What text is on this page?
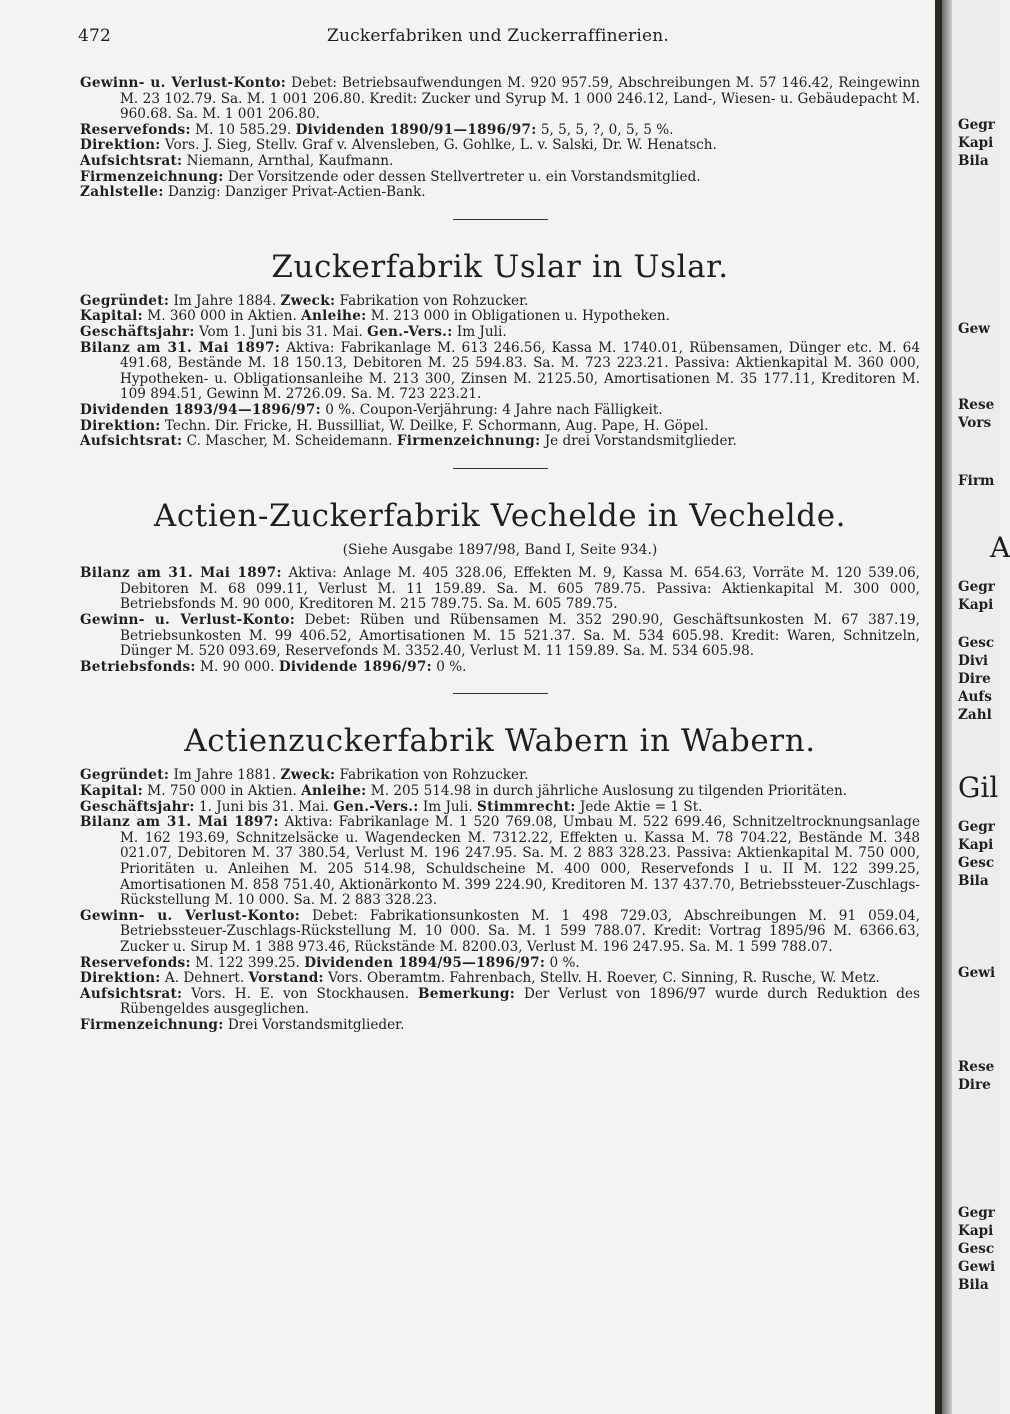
472	Zuckerfabriken und Zuckerraffinerien.

Gewinn- u. Verlust-Konto: Debet: Betriebsaufwendungen M. 920 957.59, Abschreibungen M. 57 146.42, Reingewinn M. 23 102.79. Sa. M. 1 001 206.80. Kredit: Zucker und Syrup M. 1 000 246.12, Land-, Wiesen- u. Gebäudepacht M. 960.68. Sa. M. 1 001 206.80.

Reservefonds: M. 10 585.29. Dividenden 1890/91—1896/97: 5, 5, 5, ?, 0, 5, 5 %.

Direktion: Vors. J. Sieg, Stellv. Graf v. Alvensleben, G. Gohlke, L. v. Salski, Dr. W. Henatsch.

Aufsichtsrat: Niemann, Arnthal, Kaufmann.

Firmenzeichnung: Der Vorsitzende oder dessen Stellvertreter u. ein Vorstandsmitglied.

Zahlstelle: Danzig: Danziger Privat-Actien-Bank.

Zuckerfabrik Uslar in Uslar.

Gegründet: Im Jahre 1884. Zweck: Fabrikation von Rohzucker.

Kapital: M. 360 000 in Aktien. Anleihe: M. 213 000 in Obligationen u. Hypotheken.

Geschäftsjahr: Vom 1. Juni bis 31. Mai. Gen.-Vers.: Im Juli.

Bilanz am 31. Mai 1897: Aktiva: Fabrikanlage M. 613 246.56, Kassa M. 1740.01, Rübensamen, Dünger etc. M. 64 491.68, Bestände M. 18 150.13, Debitoren M. 25 594.83. Sa. M. 723 223.21. Passiva: Aktienkapital M. 360 000, Hypotheken- u. Obligationsanleihe M. 213 300, Zinsen M. 2125.50, Amortisationen M. 35 177.11, Kreditoren M. 109 894.51, Gewinn M. 2726.09. Sa. M. 723 223.21.

Dividenden 1893/94—1896/97: 0 %. Coupon-Verjährung: 4 Jahre nach Fälligkeit.

Direktion: Techn. Dir. Fricke, H. Bussilliat, W. Deilke, F. Schormann, Aug. Pape, H. Göpel.

Aufsichtsrat: C. Mascher, M. Scheidemann. Firmenzeichnung: Je drei Vorstandsmitglieder.

Actien-Zuckerfabrik Vechelde in Vechelde.
(Siehe Ausgabe 1897/98, Band I, Seite 934.)

Bilanz am 31. Mai 1897: Aktiva: Anlage M. 405 328.06, Effekten M. 9, Kassa M. 654.63, Vorräte M. 120 539.06, Debitoren M. 68 099.11, Verlust M. 11 159.89. Sa. M. 605 789.75. Passiva: Aktienkapital M. 300 000, Betriebsfonds M. 90 000, Kreditoren M. 215 789.75. Sa. M. 605 789.75.

Gewinn- u. Verlust-Konto: Debet: Rüben und Rübensamen M. 352 290.90, Geschäftsunkosten M. 67 387.19, Betriebsunkosten M. 99 406.52, Amortisationen M. 15 521.37. Sa. M. 534 605.98. Kredit: Waren, Schnitzeln, Dünger M. 520 093.69, Reservefonds M. 3352.40, Verlust M. 11 159.89. Sa. M. 534 605.98.

Betriebsfonds: M. 90 000. Dividende 1896/97: 0 %.

Actienzuckerfabrik Wabern in Wabern.

Gegründet: Im Jahre 1881. Zweck: Fabrikation von Rohzucker.

Kapital: M. 750 000 in Aktien. Anleihe: M. 205 514.98 in durch jährliche Auslosung zu tilgenden Prioritäten.

Geschäftsjahr: 1. Juni bis 31. Mai. Gen.-Vers.: Im Juli. Stimmrecht: Jede Aktie = 1 St.

Bilanz am 31. Mai 1897: Aktiva: Fabrikanlage M. 1 520 769.08, Umbau M. 522 699.46, Schnitzeltrocknungsanlage M. 162 193.69, Schnitzelsäcke u. Wagendecken M. 7312.22, Effekten u. Kassa M. 78 704.22, Bestände M. 348 021.07, Debitoren M. 37 380.54, Verlust M. 196 247.95. Sa. M. 2 883 328.23. Passiva: Aktienkapital M. 750 000, Prioritäten u. Anleihen M. 205 514.98, Schuldscheine M. 400 000, Reservefonds I u. II M. 122 399.25, Amortisationen M. 858 751.40, Aktionärkonto M. 399 224.90, Kreditoren M. 137 437.70, Betriebssteuer-Zuschlags-Rückstellung M. 10 000. Sa. M. 2 883 328.23.

Gewinn- u. Verlust-Konto: Debet: Fabrikationsunkosten M. 1 498 729.03, Abschreibungen M. 91 059.04, Betriebssteuer-Zuschlags-Rückstellung M. 10 000. Sa. M. 1 599 788.07. Kredit: Vortrag 1895/96 M. 6366.63, Zucker u. Sirup M. 1 388 973.46, Rückstände M. 8200.03, Verlust M. 196 247.95. Sa. M. 1 599 788.07.

Reservefonds: M. 122 399.25. Dividenden 1894/95—1896/97: 0 %.

Direktion: A. Dehnert. Vorstand: Vors. Oberamtm. Fahrenbach, Stellv. H. Roever, C. Sinning, R. Rusche, W. Metz.

Aufsichtsrat: Vors. H. E. von Stockhausen. Bemerkung: Der Verlust von 1896/97 wurde durch Reduktion des Rübengeldes ausgeglichen.

Firmenzeichnung: Drei Vorstandsmitglieder.

Gegr
Kapi
Bila
Gew
Rese
Vors
Firm
A
Gegr
Kapi
Gesc
Divi
Dire
Aufs
Zahl
Gil
Gegr
Kapi
Gesc
Bila
Gewi
Rese
Dire
Gegr
Kapi
Gesc
Gewi
Bila
